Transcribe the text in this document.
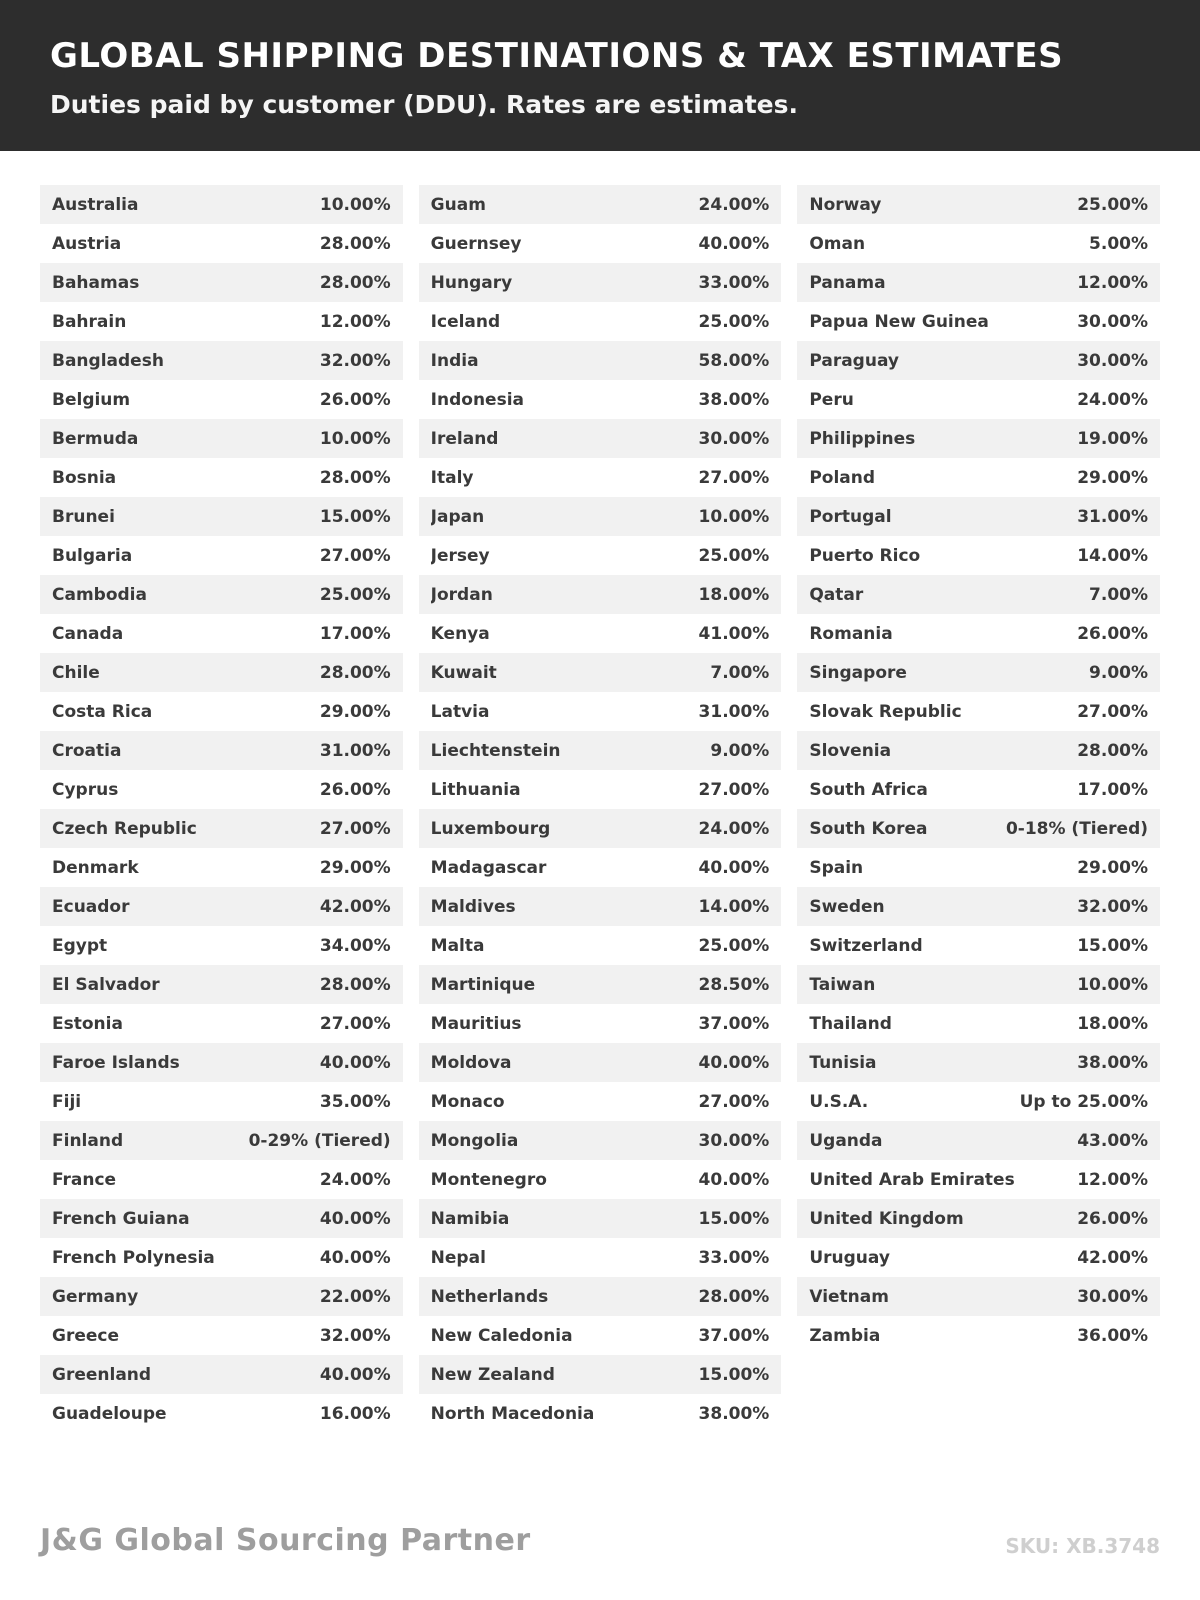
GLOBAL SHIPPING DESTINATIONS & TAX ESTIMATES

Duties paid by customer (DDU). Rates are estimates.

Australia	10.00%
Austria	28.00%
Bahamas	28.00%
Bahrain	12.00%
Bangladesh	32.00%
Belgium	26.00%
Bermuda	10.00%
Bosnia	28.00%
Brunei	15.00%
Bulgaria	27.00%
Cambodia	25.00%
Canada	17.00%
Chile	28.00%
Costa Rica	29.00%
Croatia	31.00%
Cyprus	26.00%
Czech Republic	27.00%
Denmark	29.00%
Ecuador	42.00%
Egypt	34.00%
El Salvador	28.00%
Estonia	27.00%
Faroe Islands	40.00%
Fiji	35.00%
Finland	0-29% (Tiered)
France	24.00%
French Guiana	40.00%
French Polynesia	40.00%
Germany	22.00%
Greece	32.00%
Greenland	40.00%
Guadeloupe	16.00%
Guam	24.00%
Guernsey	40.00%
Hungary	33.00%
Iceland	25.00%
India	58.00%
Indonesia	38.00%
Ireland	30.00%
Italy	27.00%
Japan	10.00%
Jersey	25.00%
Jordan	18.00%
Kenya	41.00%
Kuwait	7.00%
Latvia	31.00%
Liechtenstein	9.00%
Lithuania	27.00%
Luxembourg	24.00%
Madagascar	40.00%
Maldives	14.00%
Malta	25.00%
Martinique	28.50%
Mauritius	37.00%
Moldova	40.00%
Monaco	27.00%
Mongolia	30.00%
Montenegro	40.00%
Namibia	15.00%
Nepal	33.00%
Netherlands	28.00%
New Caledonia	37.00%
New Zealand	15.00%
North Macedonia	38.00%
Norway	25.00%
Oman	5.00%
Panama	12.00%
Papua New Guinea	30.00%
Paraguay	30.00%
Peru	24.00%
Philippines	19.00%
Poland	29.00%
Portugal	31.00%
Puerto Rico	14.00%
Qatar	7.00%
Romania	26.00%
Singapore	9.00%
Slovak Republic	27.00%
Slovenia	28.00%
South Africa	17.00%
South Korea	0-18% (Tiered)
Spain	29.00%
Sweden	32.00%
Switzerland	15.00%
Taiwan	10.00%
Thailand	18.00%
Tunisia	38.00%
U.S.A.	Up to 25.00%
Uganda	43.00%
United Arab Emirates	12.00%
United Kingdom	26.00%
Uruguay	42.00%
Vietnam	30.00%
Zambia	36.00%
J&G Global Sourcing Partner	SKU: XB.3748
